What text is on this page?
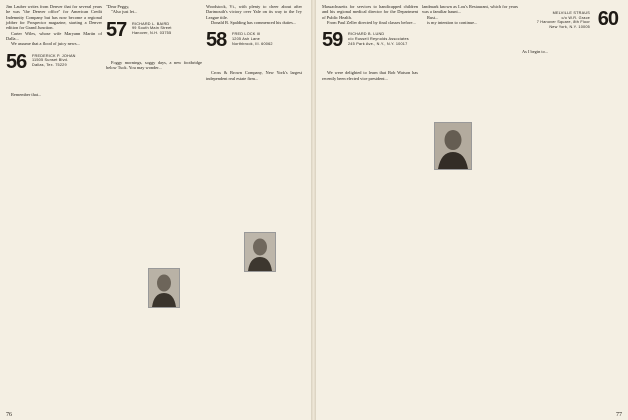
Jim Lauber writes from Denver that for several years he was "the Denver office" for American Credit Indemnity Company but has now become a regional jobber for Prospector magazine, starting a Denver edition for Grand Junction.

Carter Wiles, whose wife Maryann Martin of Dalla...

We assume that a flood of juicy news...

56 FREDERICK P. JOHAN
11505 Sunset Blvd.
Dallas, Tex. 75229

Remember that...

"Dear Peggy,

"Also just let...

57 RICHARD L. BAIRD
99 South Main Street
Hanover, N.H. 03755

Foggy mornings, soggy days, a new footbridge below Tuck. You may wonder...

Woodstock, Vt., with plenty to cheer about after Dartmouth's victory over Yale on its way to the Ivy League title.

Donald B. Spalding has commenced his duties...

58 FRED LOCK III
1205 Ash Lane
Northbrook, Ill. 60062

Cross & Brown Company, New York's largest independent real estate firm...

76

Massachusetts for services to handicapped children and his regional medical director for the Department of Public Health.

From Paul Zeller directed by final classes before...

59 RICHARD B. LUND
c/o Russell Reynolds Associates
245 Park Ave., N.Y., N.Y. 10017

We were delighted to learn that Bob Watson has recently been elected vice president...

landmark known as Lou's Restaurant, which for years was a familiar haunt...

Rust...

is my intention to continue...	60
MELVILLE STRAUS
c/o W.R. Grace
7 Hanover Square, 8th Floor
New York, N.Y. 10005

As I begin to...

77
